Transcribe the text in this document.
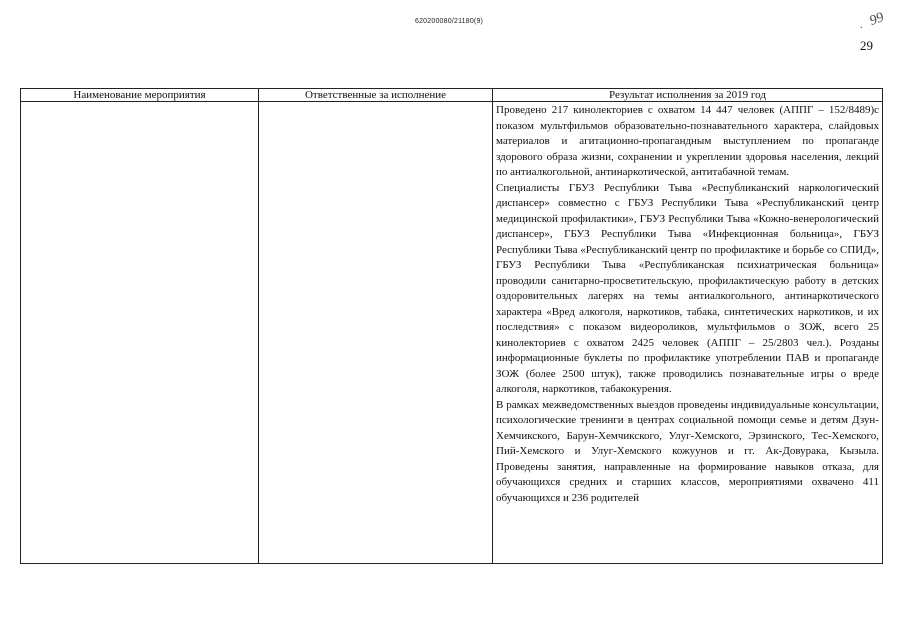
620200080/21180(9)	. 99
29
Наименование мероприятия	Ответственные за исполнение	Результат исполнения за 2019 год

		Проведено 217 кинолекториев с охватом 14 447 человек (АППГ – 152/8489)с показом мультфильмов образовательно-познавательного характера, слайдовых материалов и агитационно-пропагандным выступлением по пропаганде здорового образа жизни, сохранении и укреплении здоровья населения, лекций по антиалкогольной, антинаркотической, антитабачной темам.

Специалисты ГБУЗ Республики Тыва «Республиканский наркологический диспансер» совместно с ГБУЗ Республики Тыва «Республиканский центр медицинской профилактики», ГБУЗ Республики Тыва «Кожно-венерологический диспансер», ГБУЗ Республики Тыва «Инфекционная больница», ГБУЗ Республики Тыва «Республиканский центр по профилактике и борьбе со СПИД», ГБУЗ Республики Тыва «Республиканская психиатрическая больница» проводили санитарно-просветительскую, профилактическую работу в детских оздоровительных лагерях на темы антиалкогольного, антинаркотического характера «Вред алкоголя, наркотиков, табака, синтетических наркотиков, и их последствия» с показом видеороликов, мультфильмов о ЗОЖ, всего 25 кинолекториев с охватом 2425 человек (АППГ – 25/2803 чел.). Розданы информационные буклеты по профилактике употреблении ПАВ и пропаганде ЗОЖ (более 2500 штук), также проводились познавательные игры о вреде алкоголя, наркотиков, табакокурения.

В рамках межведомственных выездов проведены индивидуальные консультации, психологические тренинги в центрах социальной помощи семье и детям Дзун-Хемчикского, Барун-Хемчикского, Улуг-Хемского, Эрзинского, Тес-Хемского, Пий-Хемского и Улуг-Хемского кожуунов и гг. Ак-Довурака, Кызыла. Проведены занятия, направленные на формирование навыков отказа, для обучающихся средних и старших классов, мероприятиями охвачено 411 обучающихся и 236 родителей
